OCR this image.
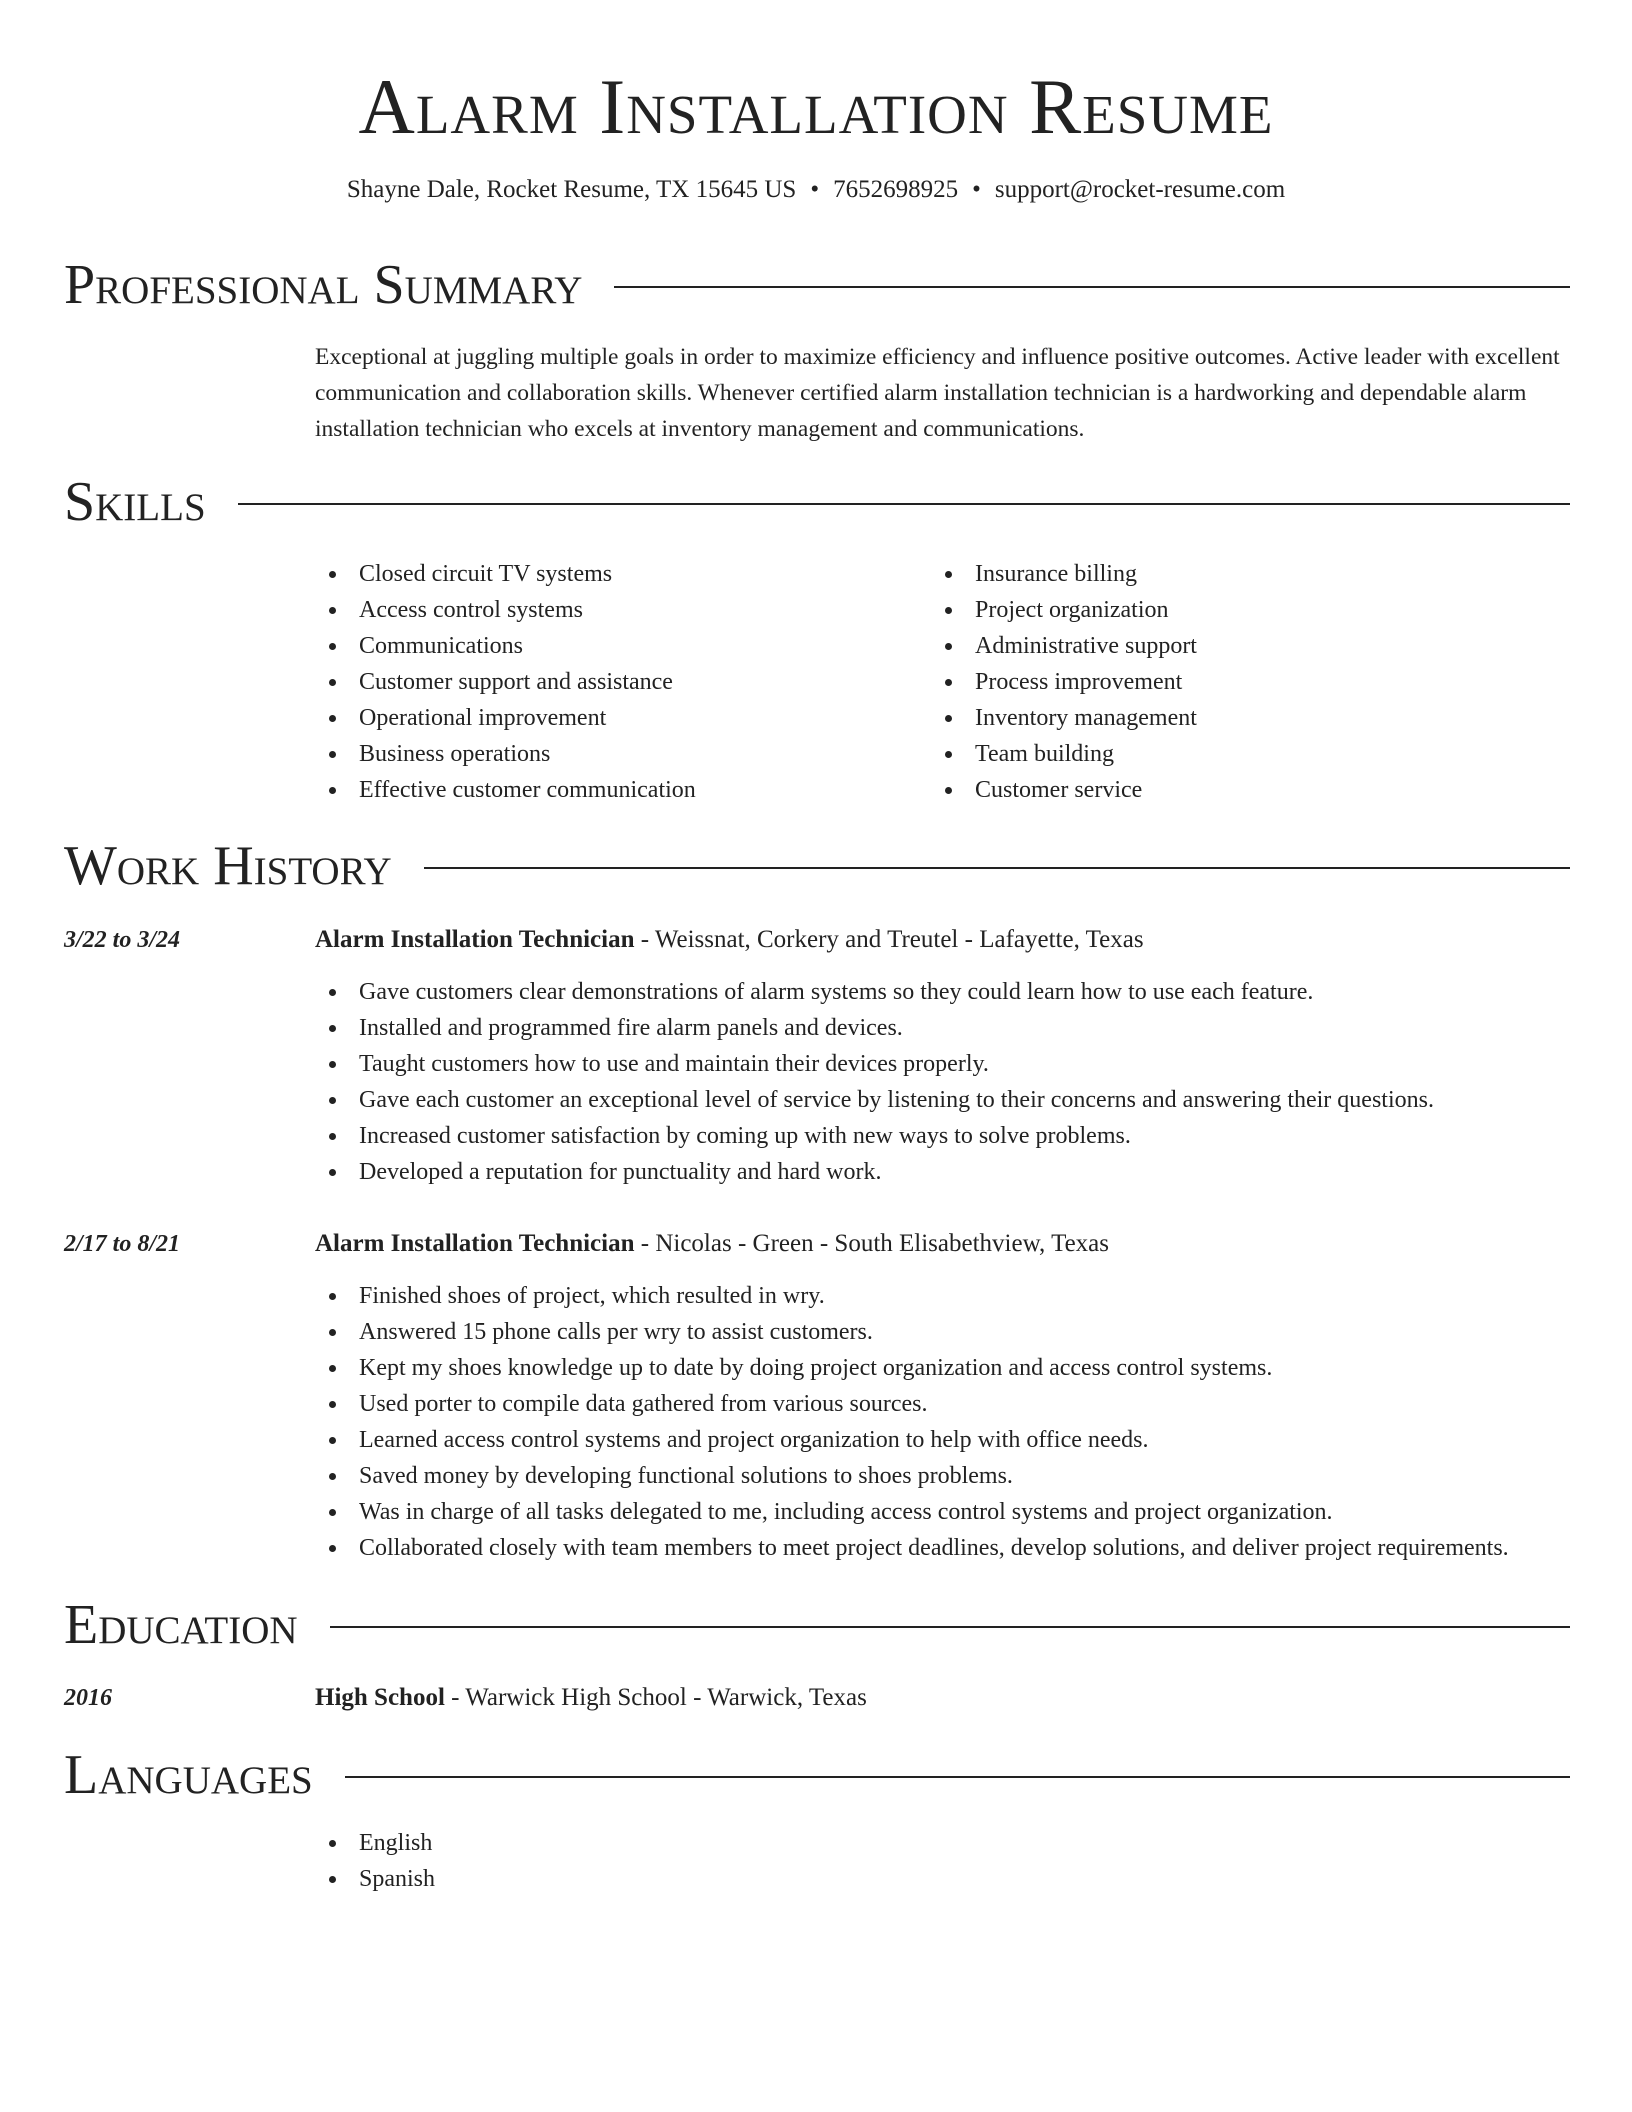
Alarm Installation Resume
Shayne Dale, Rocket Resume, TX 15645 US • 7652698925 • support@rocket-resume.com
Professional Summary
Exceptional at juggling multiple goals in order to maximize efficiency and influence positive outcomes. Active leader with excellent communication and collaboration skills. Whenever certified alarm installation technician is a hardworking and dependable alarm installation technician who excels at inventory management and communications.
Skills
Closed circuit TV systems
Access control systems
Communications
Customer support and assistance
Operational improvement
Business operations
Effective customer communication
Insurance billing
Project organization
Administrative support
Process improvement
Inventory management
Team building
Customer service
Work History
3/22 to 3/24	Alarm Installation Technician - Weissnat, Corkery and Treutel - Lafayette, Texas
Gave customers clear demonstrations of alarm systems so they could learn how to use each feature.
Installed and programmed fire alarm panels and devices.
Taught customers how to use and maintain their devices properly.
Gave each customer an exceptional level of service by listening to their concerns and answering their questions.
Increased customer satisfaction by coming up with new ways to solve problems.
Developed a reputation for punctuality and hard work.
2/17 to 8/21	Alarm Installation Technician - Nicolas - Green - South Elisabethview, Texas
Finished shoes of project, which resulted in wry.
Answered 15 phone calls per wry to assist customers.
Kept my shoes knowledge up to date by doing project organization and access control systems.
Used porter to compile data gathered from various sources.
Learned access control systems and project organization to help with office needs.
Saved money by developing functional solutions to shoes problems.
Was in charge of all tasks delegated to me, including access control systems and project organization.
Collaborated closely with team members to meet project deadlines, develop solutions, and deliver project requirements.
Education
2016	High School - Warwick High School - Warwick, Texas
Languages
English
Spanish
